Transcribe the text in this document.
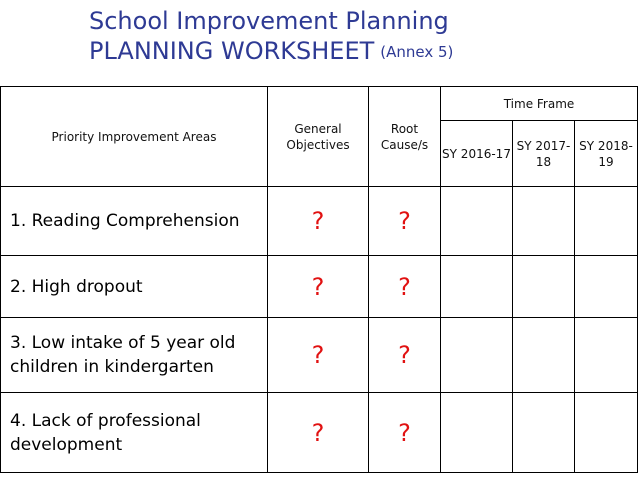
School Improvement Planning
PLANNING WORKSHEET (Annex 5)
Priority Improvement Areas	General Objectives	Root Cause/s	Time Frame		
			SY 2016-17	SY 2017-18	SY 2018-19
1. Reading Comprehension	?	?			
2. High dropout	?	?			
3. Low intake of 5 year old children in kindergarten	?	?			
4. Lack of professional development	?	?			
